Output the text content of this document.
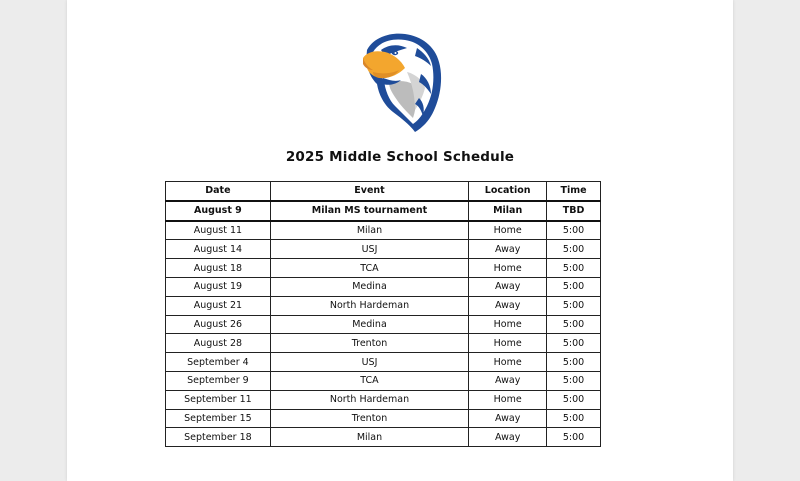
2025 Middle School Schedule
Date	Event	Location	Time
August 9	Milan MS tournament	Milan	TBD
August 11	Milan	Home	5:00
August 14	USJ	Away	5:00
August 18	TCA	Home	5:00
August 19	Medina	Away	5:00
August 21	North Hardeman	Away	5:00
August 26	Medina	Home	5:00
August 28	Trenton	Home	5:00
September 4	USJ	Home	5:00
September 9	TCA	Away	5:00
September 11	North Hardeman	Home	5:00
September 15	Trenton	Away	5:00
September 18	Milan	Away	5:00
